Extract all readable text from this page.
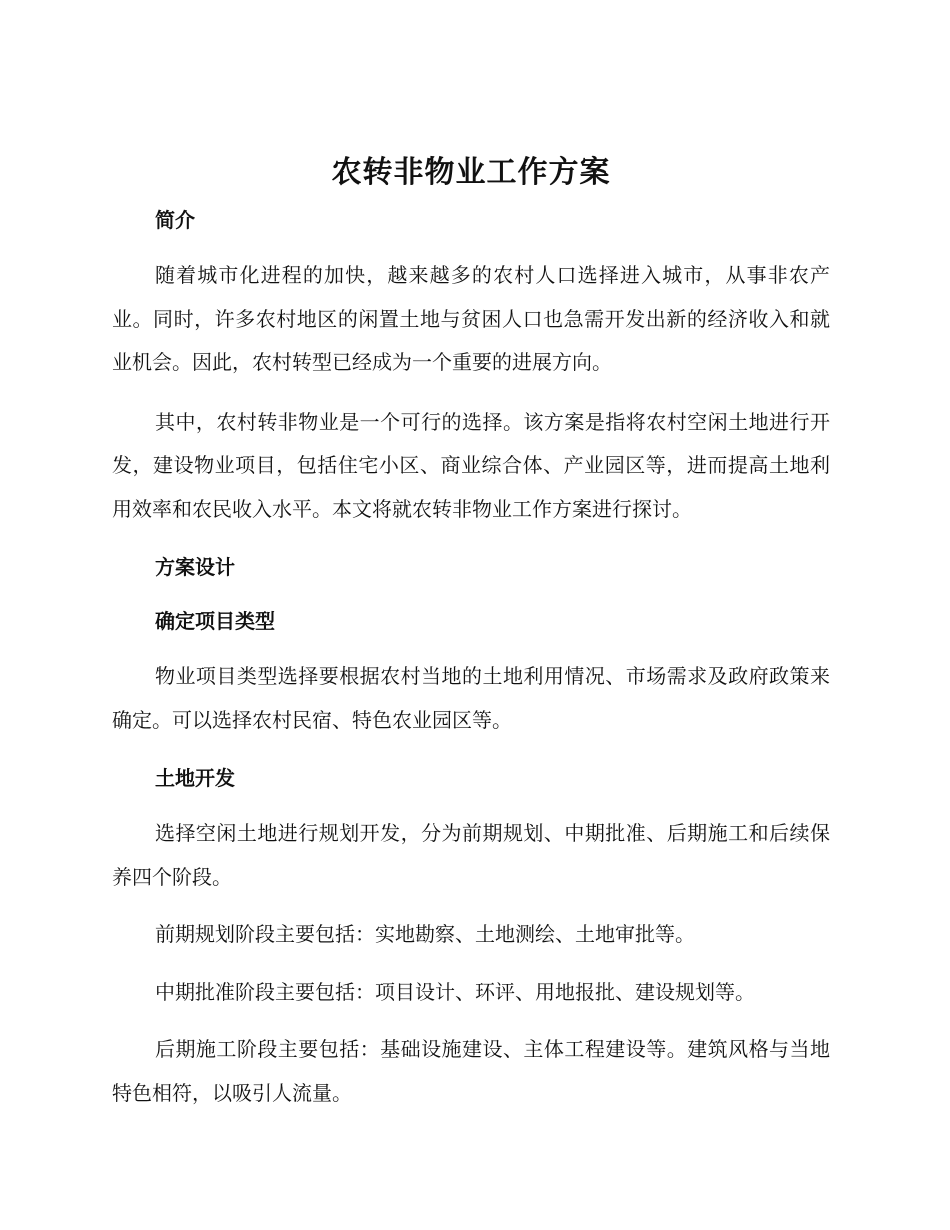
农转非物业工作方案
简介

随着城市化进程的加快，越来越多的农村人口选择进入城市，从事非农产业。同时，许多农村地区的闲置土地与贫困人口也急需开发出新的经济收入和就业机会。因此，农村转型已经成为一个重要的进展方向。

其中，农村转非物业是一个可行的选择。该方案是指将农村空闲土地进行开发，建设物业项目，包括住宅小区、商业综合体、产业园区等，进而提高土地利用效率和农民收入水平。本文将就农转非物业工作方案进行探讨。

方案设计
确定项目类型

物业项目类型选择要根据农村当地的土地利用情况、市场需求及政府政策来确定。可以选择农村民宿、特色农业园区等。

土地开发

选择空闲土地进行规划开发，分为前期规划、中期批准、后期施工和后续保养四个阶段。

前期规划阶段主要包括：实地勘察、土地测绘、土地审批等。

中期批准阶段主要包括：项目设计、环评、用地报批、建设规划等。

后期施工阶段主要包括：基础设施建设、主体工程建设等。建筑风格与当地特色相符，以吸引人流量。
